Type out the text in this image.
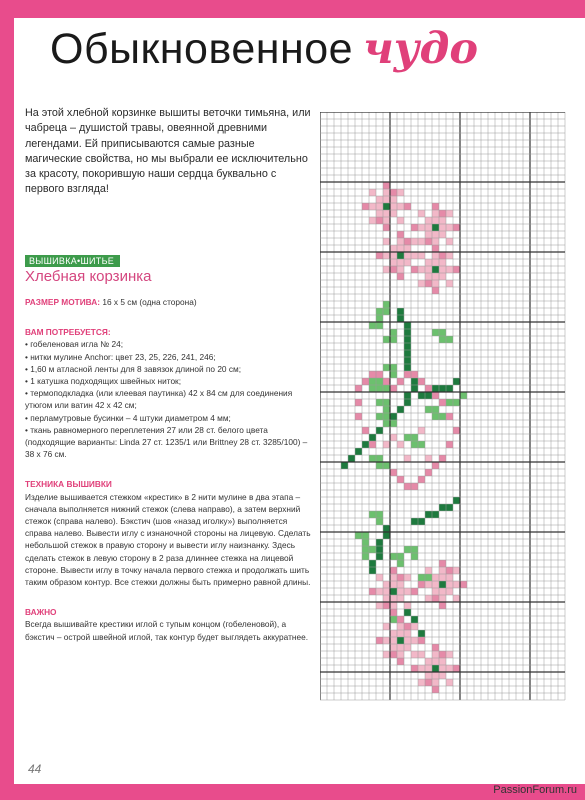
Обыкновенное чудо

На этой хлебной корзинке вышиты веточки тимьяна, или чабреца – душистой травы, овеянной древними легендами. Ей приписываются самые разные магические свойства, но мы выбрали ее исключительно за красоту, покорившую наши сердца буквально с первого взгляда!

ВЫШИВКА•ШИТЬЕ
Хлебная корзинка

РАЗМЕР МОТИВА: 16 х 5 см (одна сторона)

ВАМ ПОТРЕБУЕТСЯ:

• гобеленовая игла № 24;

• нитки мулине Anchor: цвет 23, 25, 226, 241, 246;

• 1,60 м атласной ленты для 8 завязок длиной по 20 см;

• 1 катушка подходящих швейных ниток;

• термоподкладка (или клеевая паутинка) 42 х 84 см для соединения утюгом или ватин 42 х 42 см;

• перламутровые бусинки – 4 штуки диаметром 4 мм;

• ткань равномерного переплетения 27 или 28 ст. белого цвета (подходящие варианты: Linda 27 ст. 1235/1 или Brittney 28 ст. 3285/100) – 38 х 76 см.

ТЕХНИКА ВЫШИВКИ

Изделие вышивается стежком «крестик» в 2 нити мулине в два этапа – сначала выполняется нижний стежок (слева направо), а затем верхний стежок (справа налево). Бэкстич (шов «назад иголку») выполняется справа налево. Вывести иглу с изнаночной стороны на лицевую. Сделать небольшой стежок в правую сторону и вывести иглу наизнанку. Здесь сделать стежок в левую сторону в 2 раза длиннее стежка на лицевой стороне. Вывести иглу в точку начала первого стежка и продолжать шить таким образом контур. Все стежки должны быть примерно равной длины.

ВАЖНО

Всегда вышивайте крестики иглой с тупым концом (гобеленовой), а бэкстич – острой швейной иглой, так контур будет выглядеть аккуратнее.

44
PassionForum.ru
